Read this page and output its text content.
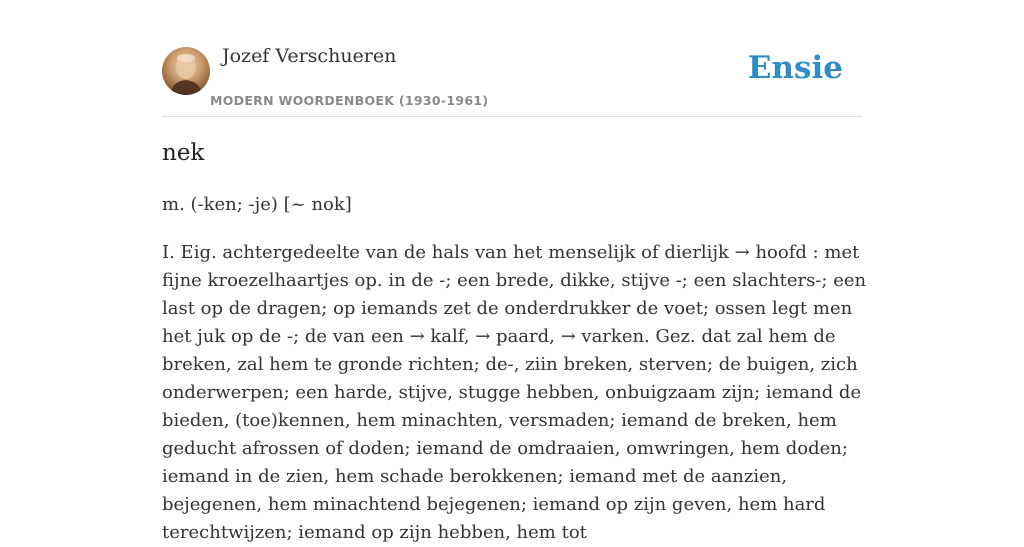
Jozef Verschueren
MODERN WOORDENBOEK (1930-1961)
Ensie
nek
m. (-ken; -je) [~ nok]

I. Eig. achtergedeelte van de hals van het menselijk of dierlijk → hoofd : met fijne kroezelhaartjes op. in de -; een brede, dikke, stijve -; een slachters-; een last op de dragen; op iemands zet de onderdrukker de voet; ossen legt men het juk op de -; de van een → kalf, → paard, → varken. Gez. dat zal hem de breken, zal hem te gronde richten; de-, ziin breken, sterven; de buigen, zich onderwerpen; een harde, stijve, stugge hebben, onbuigzaam zijn; iemand de bieden, (toe)kennen, hem minachten, versmaden; iemand de breken, hem geducht afrossen of doden; iemand de omdraaien, omwringen, hem doden; iemand in de zien, hem schade berokkenen; iemand met de aanzien, bejegenen, hem minachtend bejegenen; iemand op zijn geven, hem hard terechtwijzen; iemand op zijn hebben, hem tot
